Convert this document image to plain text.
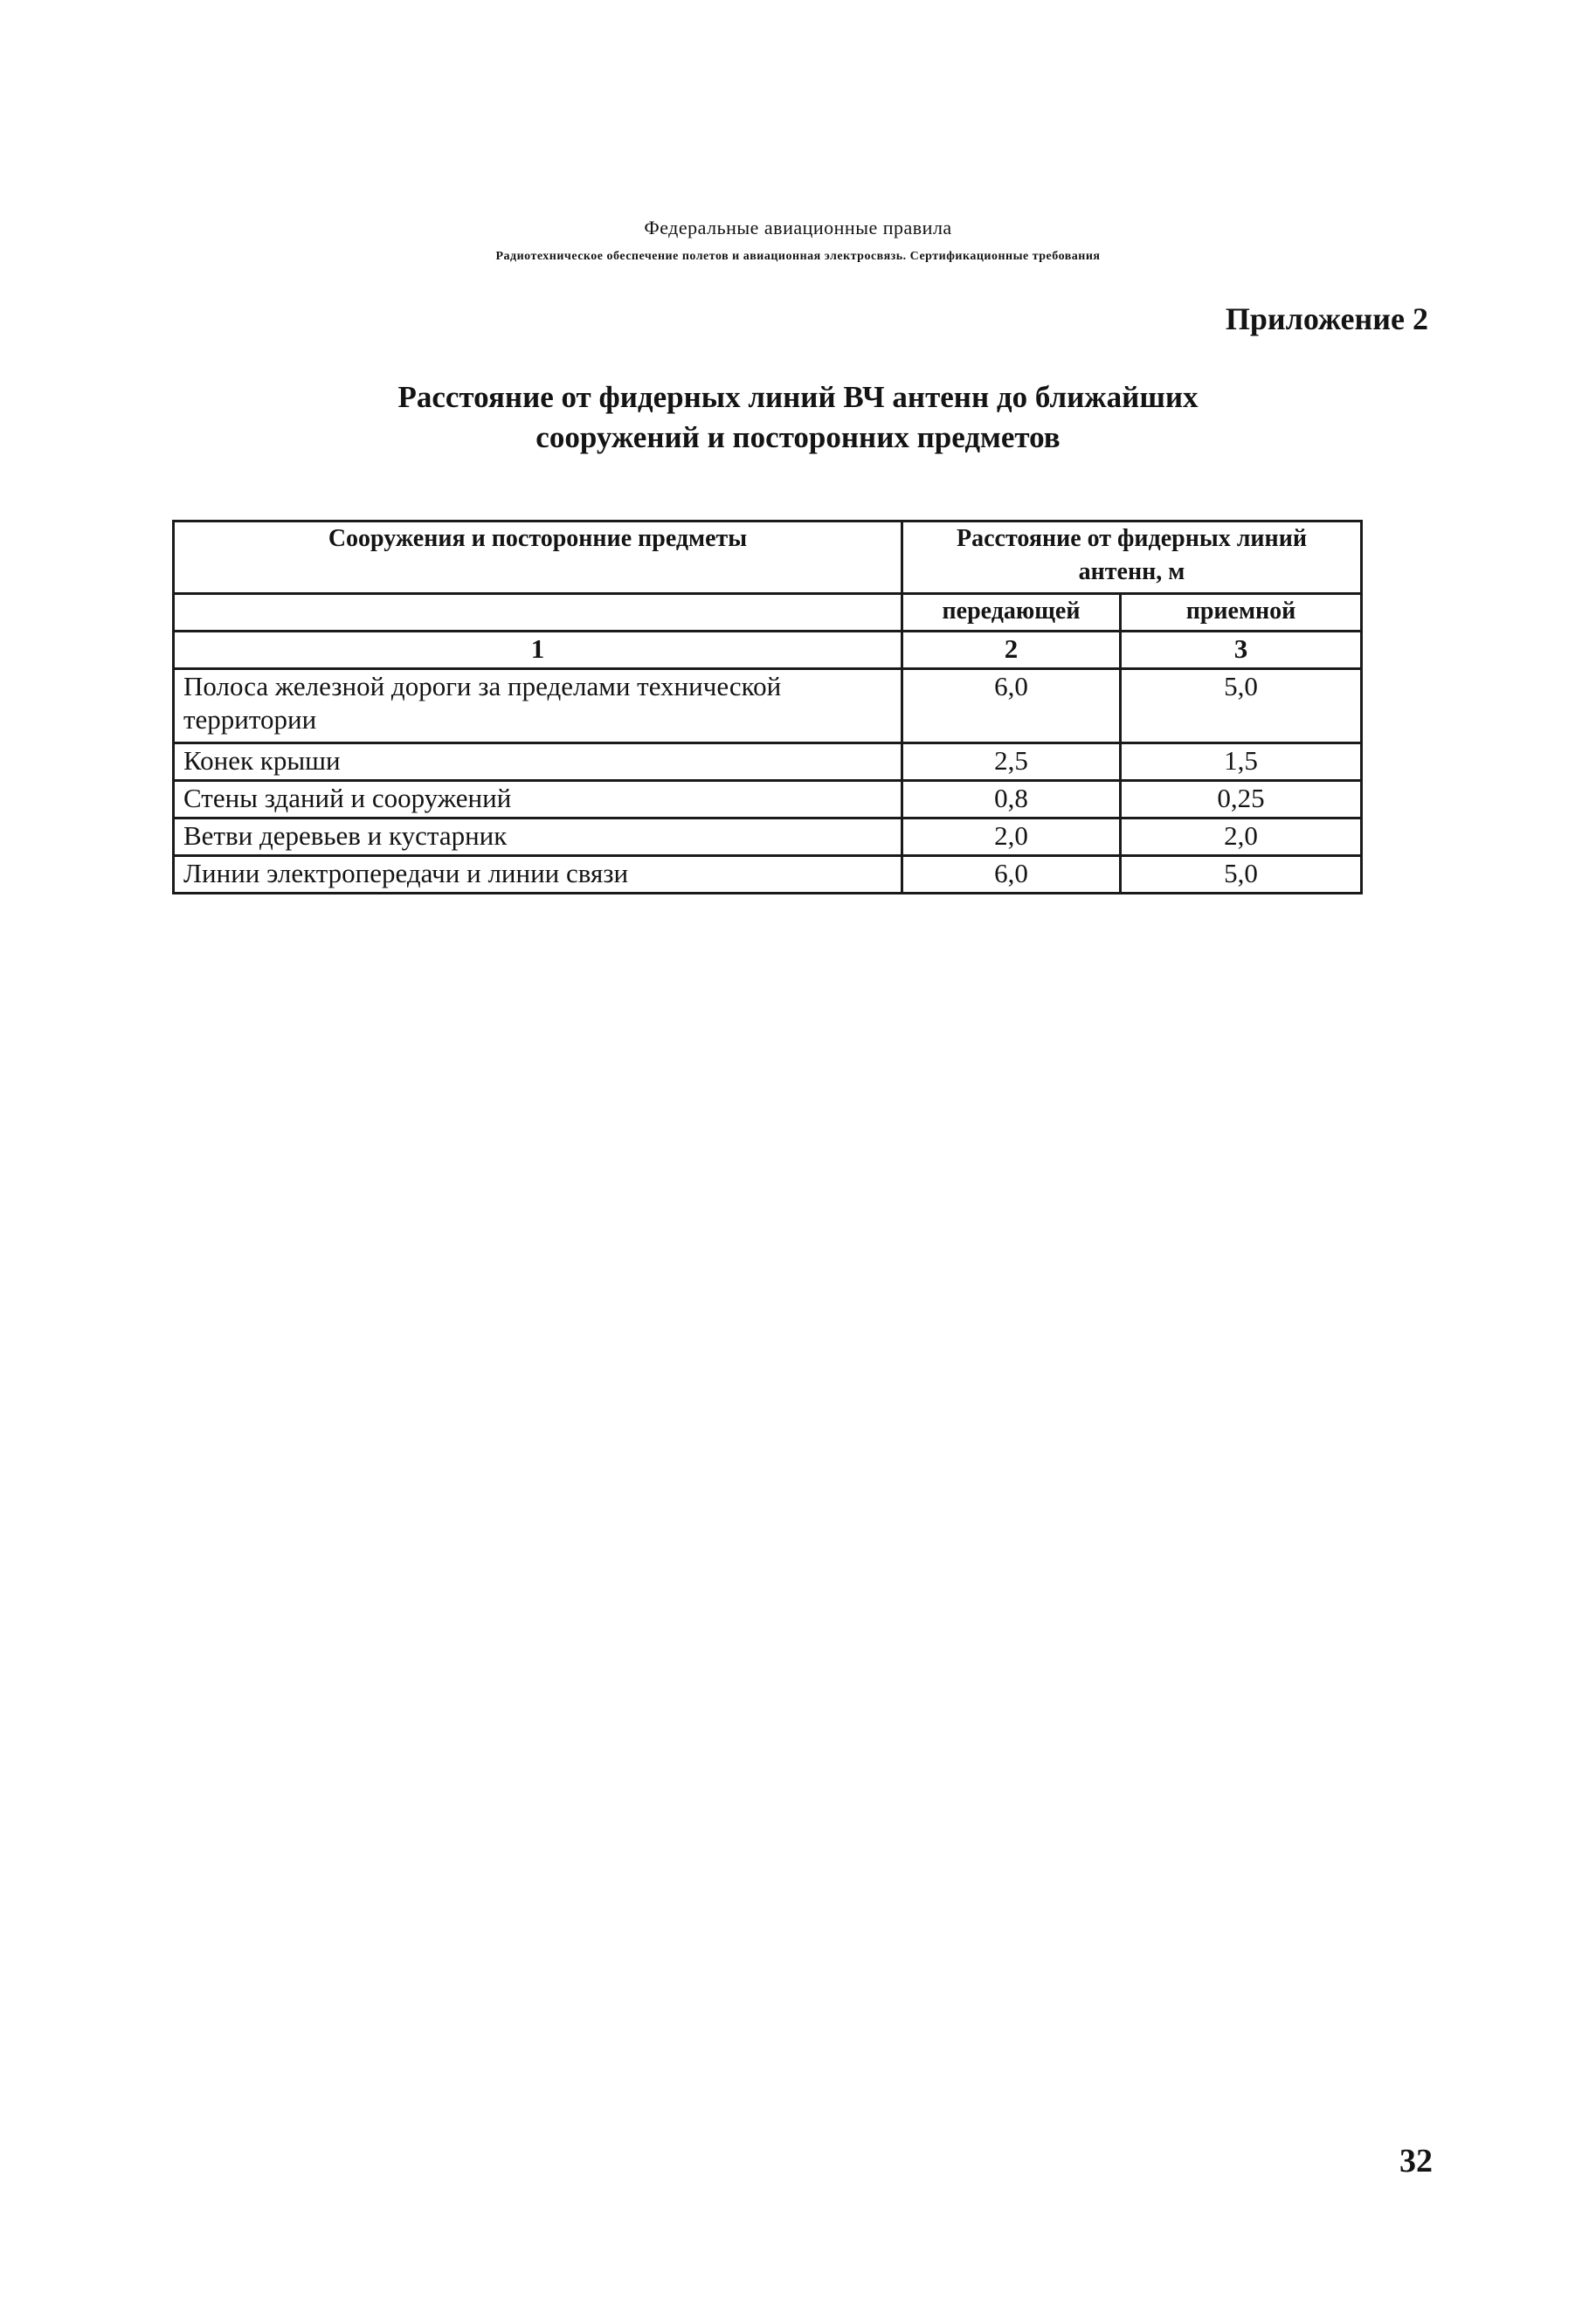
Федеральные авиационные правила
Радиотехническое обеспечение полетов и авиационная электросвязь. Сертификационные требования
Приложение 2
Расстояние от фидерных линий ВЧ антенн до ближайших
сооружений и посторонних предметов
Сооружения и посторонние предметы	Расстояние от фидерных линий антенн, м	
	передающей	приемной
1	2	3
Полоса железной дороги за пределами технической территории	6,0	5,0
Конек крыши	2,5	1,5
Стены зданий и сооружений	0,8	0,25
Ветви деревьев и кустарник	2,0	2,0
Линии электропередачи и линии связи	6,0	5,0
32
